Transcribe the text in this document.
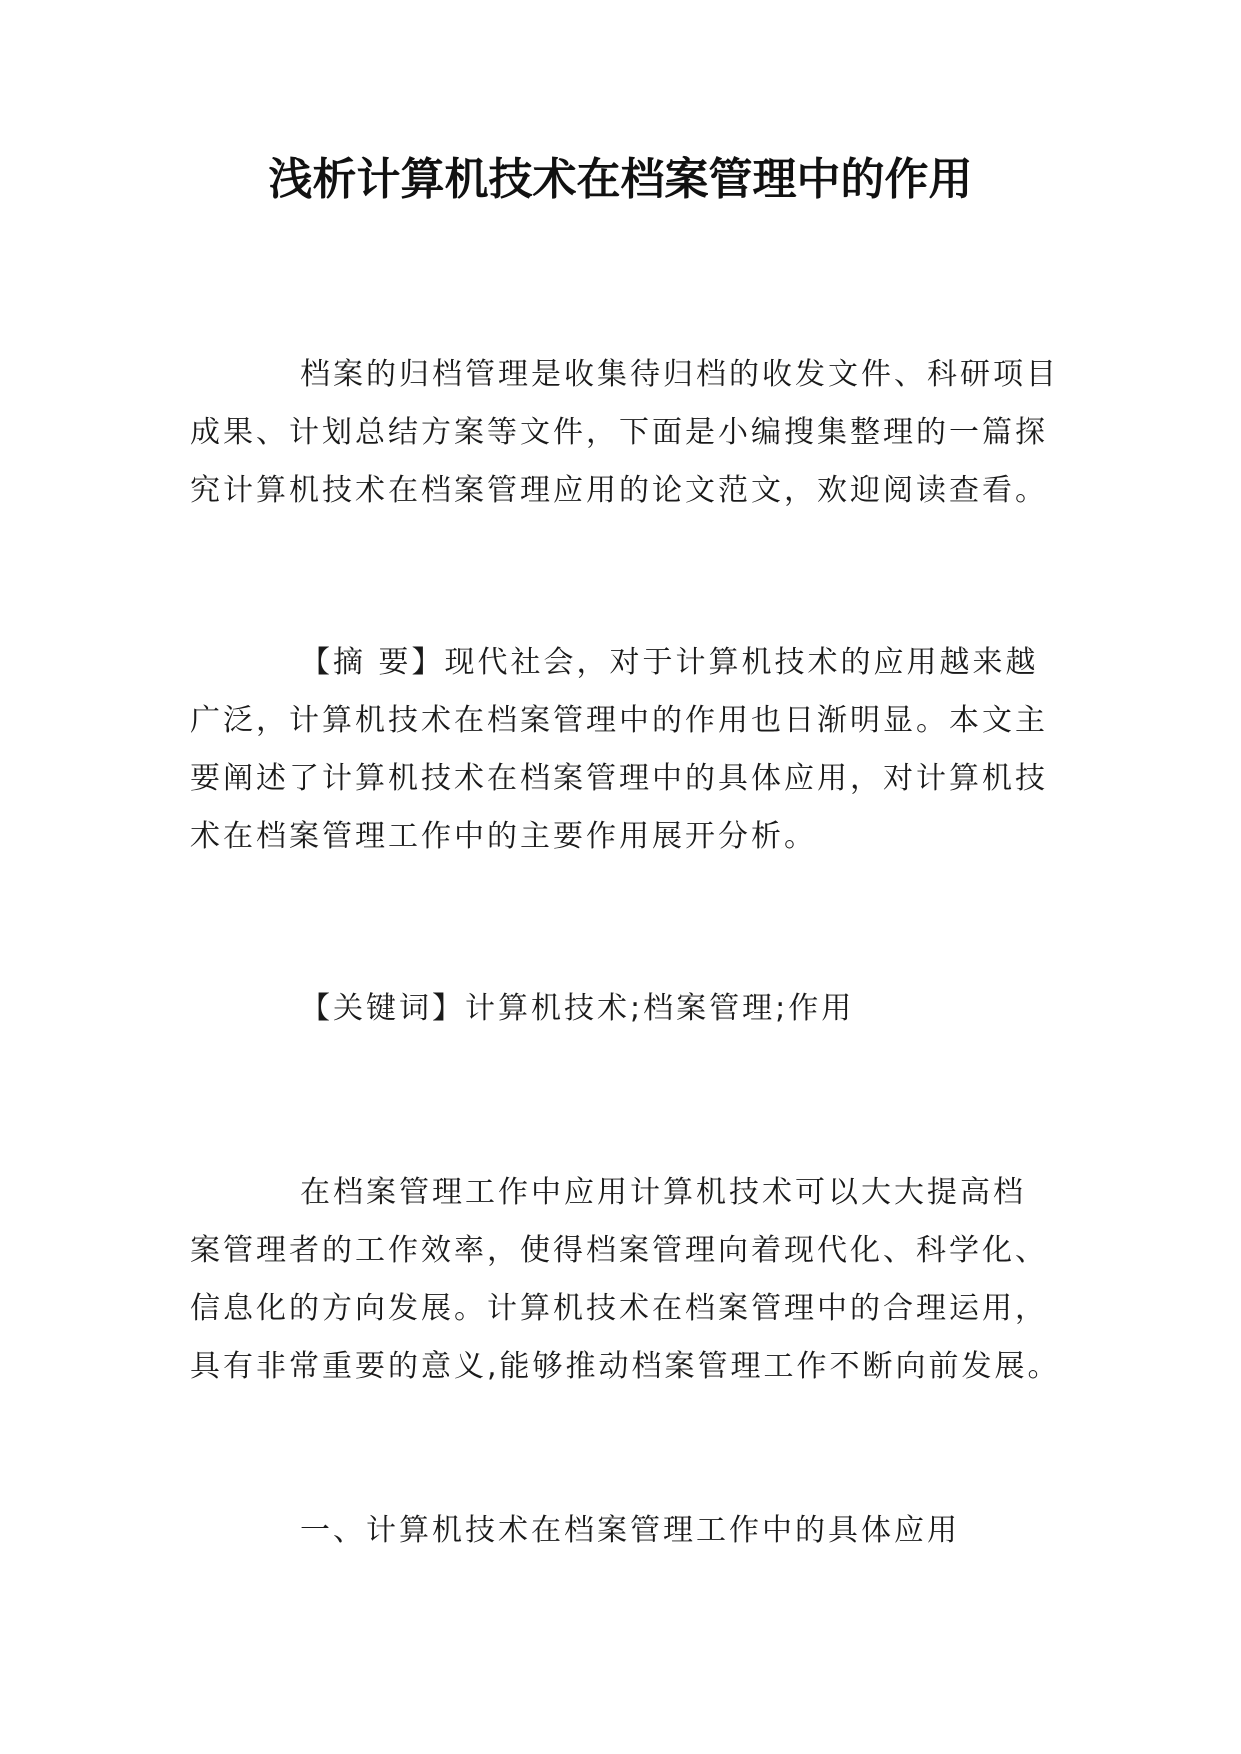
浅析计算机技术在档案管理中的作用
档案的归档管理是收集待归档的收发文件、科研项目
成果、计划总结方案等文件，下面是小编搜集整理的一篇探
究计算机技术在档案管理应用的论文范文，欢迎阅读查看。
【摘 要】现代社会，对于计算机技术的应用越来越
广泛，计算机技术在档案管理中的作用也日渐明显。本文主
要阐述了计算机技术在档案管理中的具体应用，对计算机技
术在档案管理工作中的主要作用展开分析。
【关键词】计算机技术;档案管理;作用
在档案管理工作中应用计算机技术可以大大提高档
案管理者的工作效率，使得档案管理向着现代化、科学化、
信息化的方向发展。计算机技术在档案管理中的合理运用，
具有非常重要的意义,能够推动档案管理工作不断向前发展。
一、计算机技术在档案管理工作中的具体应用
